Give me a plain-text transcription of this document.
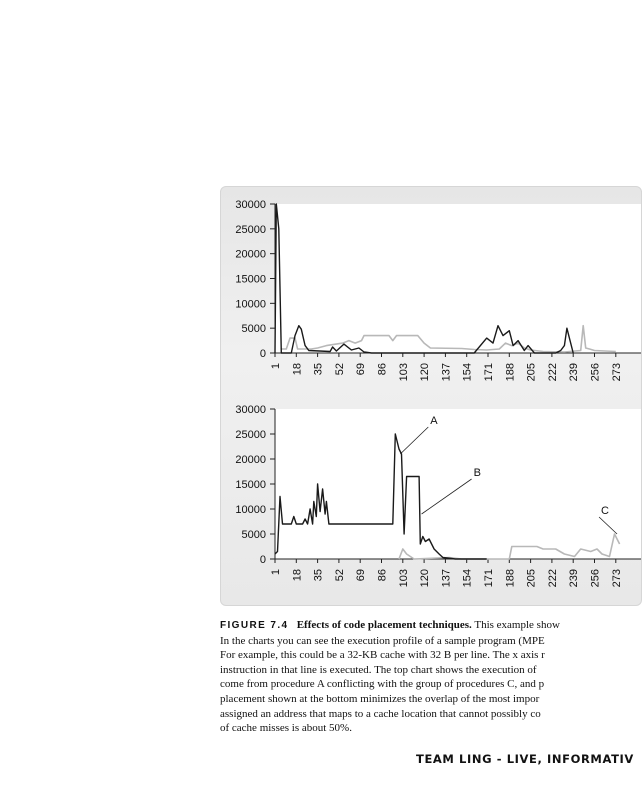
0
5000
10000
15000
20000
25000
30000
1 18 35 52 69 86 103 120 137 154 171 188 205 222 239 256 273
0
5000
10000
15000
20000
25000
30000
1 18 35 52 69 86 103 120 137 154 171 188 205 222 239 256 273
A
B
C
FIGURE 7.4 Effects of code placement techniques. This example show
In the charts you can see the execution profile of a sample program (MPE
For example, this could be a 32-KB cache with 32 B per line. The x axis r
instruction in that line is executed. The top chart shows the execution of
come from procedure A conflicting with the group of procedures C, and p
placement shown at the bottom minimizes the overlap of the most impor
assigned an address that maps to a cache location that cannot possibly co
of cache misses is about 50%.
TEAM LING - LIVE, INFORMATIV
